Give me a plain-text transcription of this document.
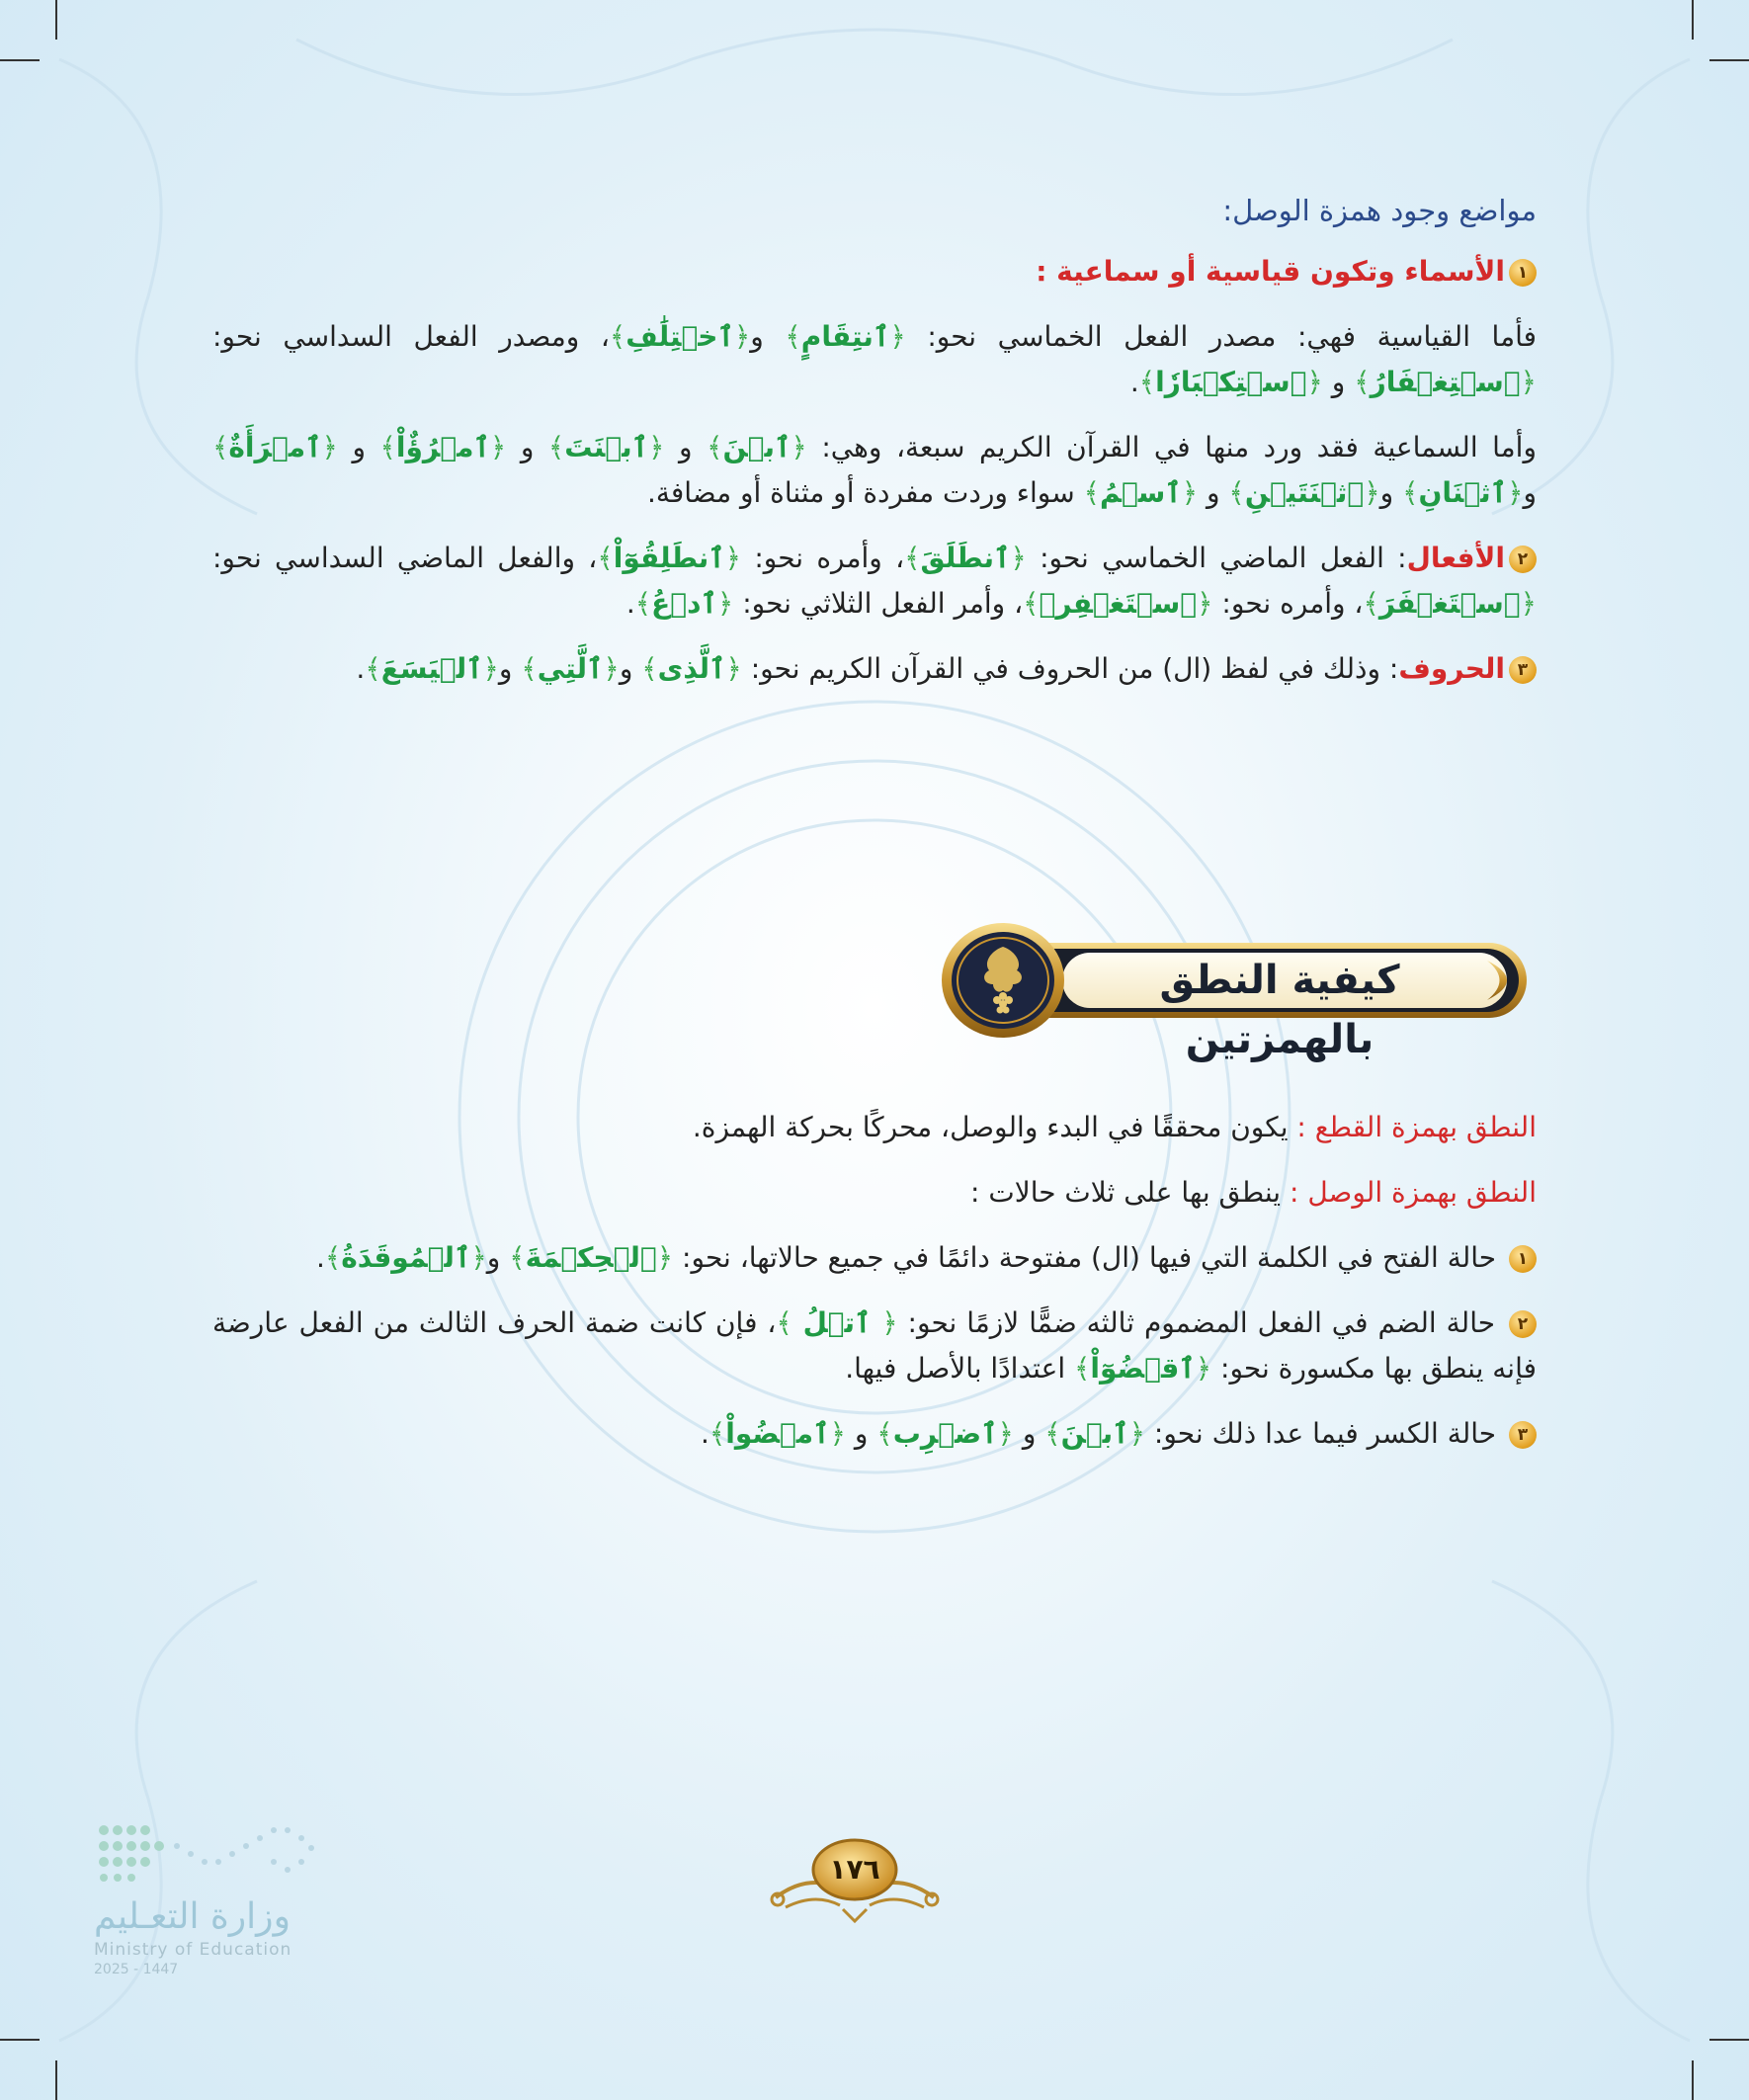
مواضع وجود همزة الوصل:
١الأسماء وتكون قياسية أو سماعية :
فأما القياسية فهي: مصدر الفعل الخماسي نحو: ﴿ٱنتِقَامٍ﴾ و﴿ٱخۡتِلَٰفِ﴾، ومصدر الفعل السداسي نحو: ﴿ٱسۡتِغۡفَارُ﴾ و ﴿ٱسۡتِكۡبَارٗا﴾.
وأما السماعية فقد ورد منها في القرآن الكريم سبعة، وهي: ﴿ٱبۡنَ﴾ و ﴿ٱبۡنَتَ﴾ و ﴿ٱمۡرُؤٌاْ﴾ و ﴿ٱمۡرَأَةٌ﴾ و﴿ٱثۡنَانِ﴾ و﴿ٱثۡنَتَيۡنِ﴾ و ﴿ٱسۡمُ﴾ سواء وردت مفردة أو مثناة أو مضافة.
٢الأفعال: الفعل الماضي الخماسي نحو: ﴿ٱنطَلَقَ﴾، وأمره نحو: ﴿ٱنطَلِقُوٓاْ﴾، والفعل الماضي السداسي نحو: ﴿ٱسۡتَغۡفَرَ﴾، وأمره نحو: ﴿ٱسۡتَغۡفِرۡ﴾، وأمر الفعل الثلاثي نحو: ﴿ٱدۡعُ﴾.
٣الحروف: وذلك في لفظ (ال) من الحروف في القرآن الكريم نحو: ﴿ٱلَّذِى﴾ و﴿ٱلَّتِي﴾ و﴿ٱلۡيَسَعَ﴾.
كيفية النطق بالهمزتين
النطق بهمزة القطع : يكون محققًا في البدء والوصل، محركًا بحركة الهمزة.
النطق بهمزة الوصل : ينطق بها على ثلاث حالات :
١ حالة الفتح في الكلمة التي فيها (ال) مفتوحة دائمًا في جميع حالاتها، نحو: ﴿ٱلۡحِكۡمَةَ﴾ و﴿ٱلۡمُوقَدَةُ﴾.
٢ حالة الضم في الفعل المضموم ثالثه ضمًّا لازمًا نحو: ﴿ ٱتۡلُ ﴾، فإن كانت ضمة الحرف الثالث من الفعل عارضة فإنه ينطق بها مكسورة نحو: ﴿ٱقۡضُوٓاْ﴾ اعتدادًا بالأصل فيها.
٣ حالة الكسر فيما عدا ذلك نحو: ﴿ٱبۡنَ﴾ و ﴿ٱضۡرِب﴾ و ﴿ٱمۡضُواْ﴾.
وزارة التعـليم
Ministry of Education
2025 - 1447
١٧٦
